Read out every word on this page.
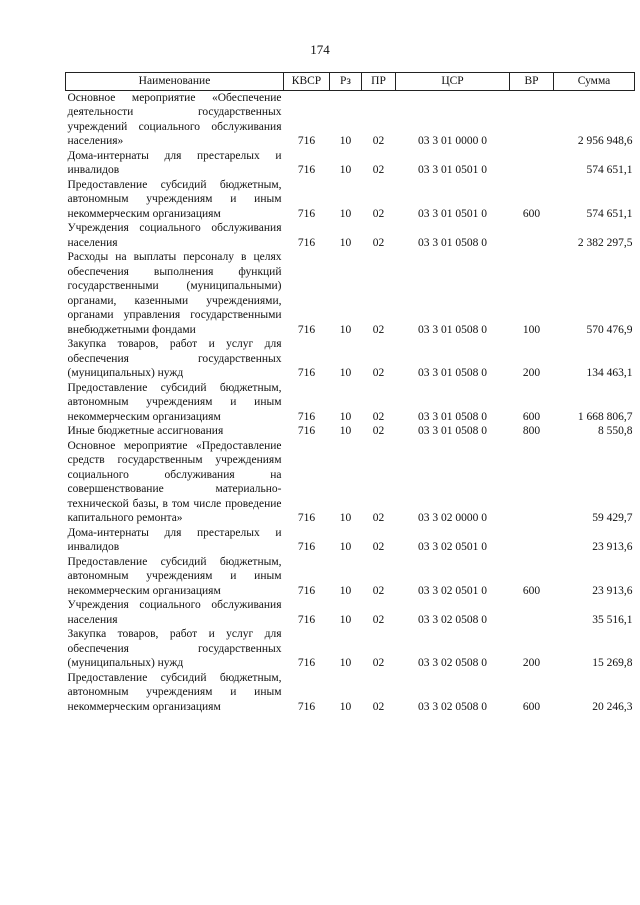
174
Наименование	КВСР	Рз	ПР	ЦСР	ВР	Сумма
Основное мероприятие «Обеспечение деятельности государственных учреждений социального обслуживания населения»	716	10	02	03 3 01 0000 0		2 956 948,6
Дома-интернаты для престарелых и инвалидов	716	10	02	03 3 01 0501 0		574 651,1
Предоставление субсидий бюджетным, автономным учреждениям и иным некоммерческим организациям	716	10	02	03 3 01 0501 0	600	574 651,1
Учреждения социального обслуживания населения	716	10	02	03 3 01 0508 0		2 382 297,5
Расходы на выплаты персоналу в целях обеспечения выполнения функций государственными (муниципальными) органами, казенными учреждениями, органами управления государственными внебюджетными фондами	716	10	02	03 3 01 0508 0	100	570 476,9
Закупка товаров, работ и услуг для обеспечения государственных (муниципальных) нужд	716	10	02	03 3 01 0508 0	200	134 463,1
Предоставление субсидий бюджетным, автономным учреждениям и иным некоммерческим организациям	716	10	02	03 3 01 0508 0	600	1 668 806,7
Иные бюджетные ассигнования	716	10	02	03 3 01 0508 0	800	8 550,8
Основное мероприятие «Предоставление средств государственным учреждениям социального обслуживания на совершенствование материально-технической базы, в том числе проведение капитального ремонта»	716	10	02	03 3 02 0000 0		59 429,7
Дома-интернаты для престарелых и инвалидов	716	10	02	03 3 02 0501 0		23 913,6
Предоставление субсидий бюджетным, автономным учреждениям и иным некоммерческим организациям	716	10	02	03 3 02 0501 0	600	23 913,6
Учреждения социального обслуживания населения	716	10	02	03 3 02 0508 0		35 516,1
Закупка товаров, работ и услуг для обеспечения государственных (муниципальных) нужд	716	10	02	03 3 02 0508 0	200	15 269,8
Предоставление субсидий бюджетным, автономным учреждениям и иным некоммерческим организациям	716	10	02	03 3 02 0508 0	600	20 246,3
